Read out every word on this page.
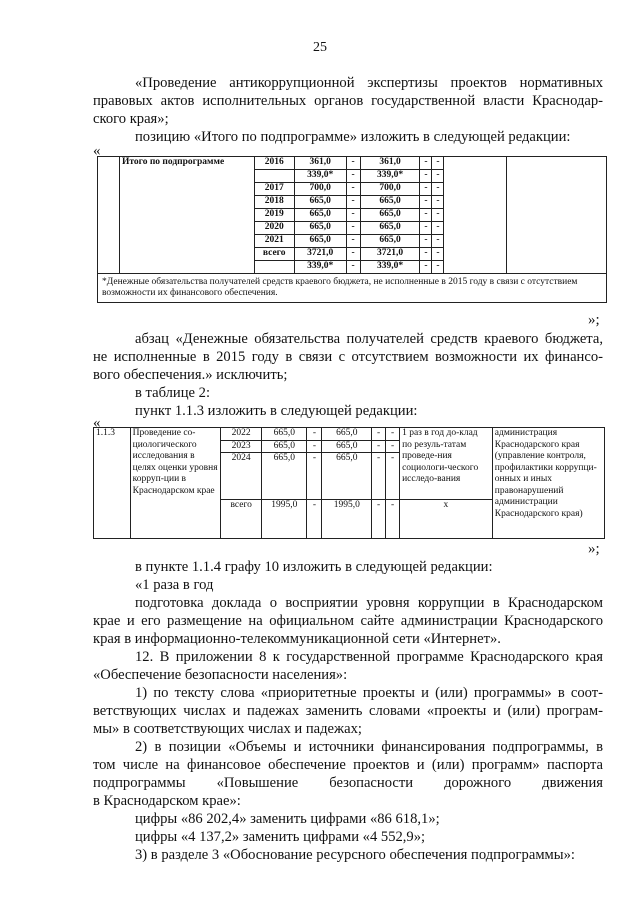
25
«Проведение антикоррупционной экспертизы проектов нормативных
правовых актов исполнительных органов государственной власти Краснодар-
ского края»;
позицию «Итого по подпрограмме» изложить в следующей редакции:
«
	Итого по подпрограмме	2016	361,0	-	361,0	-	-		
			339,0*	-	339,0*	-	-		
		2017	700,0	-	700,0	-	-		
		2018	665,0	-	665,0	-	-		
		2019	665,0	-	665,0	-	-		
		2020	665,0	-	665,0	-	-		
		2021	665,0	-	665,0	-	-		
		всего	3721,0	-	3721,0	-	-		
			339,0*	-	339,0*	-	-		
*Денежные обязательства получателей средств краевого бюджета, не исполненные в 2015 году в связи с отсутствием возможности их финансового обеспечения.									
»;
абзац «Денежные обязательства получателей средств краевого бюджета,
не исполненные в 2015 году в связи с отсутствием возможности их финансо-
вого обеспечения.» исключить;
в таблице 2:
пункт 1.1.3 изложить в следующей редакции:
«
1.1.3	Проведение со-циологического исследования в целях оценки уровня корруп-ции в Краснодарском крае	2022	665,0	-	665,0	-	-	1 раз в год до-клад по резуль-татам проведе-ния социологи-ческого исследо-вания	администрация Краснодарского края (управление контроля, профилактики коррупци-онных и иных правонарушений администрации Краснодарского края)
		2023	665,0	-	665,0	-	-		
		2024	665,0	-	665,0	-	-		
		всего	1995,0	-	1995,0	-	-	х	
»;
в пункте 1.1.4 графу 10 изложить в следующей редакции:
«1 раза в год
подготовка доклада о восприятии уровня коррупции в Краснодарском
крае и его размещение на официальном сайте администрации Краснодарского
края в информационно-телекоммуникационной сети «Интернет».
12. В приложении 8 к государственной программе Краснодарского края
«Обеспечение безопасности населения»:
1) по тексту слова «приоритетные проекты и (или) программы» в соот-
ветствующих числах и падежах заменить словами «проекты и (или) програм-
мы» в соответствующих числах и падежах;
2) в позиции «Объемы и источники финансирования подпрограммы, в
том числе на финансовое обеспечение проектов и (или) программ» паспорта
подпрограммы «Повышение безопасности дорожного движения
в Краснодарском крае»:
цифры «86 202,4» заменить цифрами «86 618,1»;
цифры «4 137,2» заменить цифрами «4 552,9»;
3) в разделе 3 «Обоснование ресурсного обеспечения подпрограммы»:
